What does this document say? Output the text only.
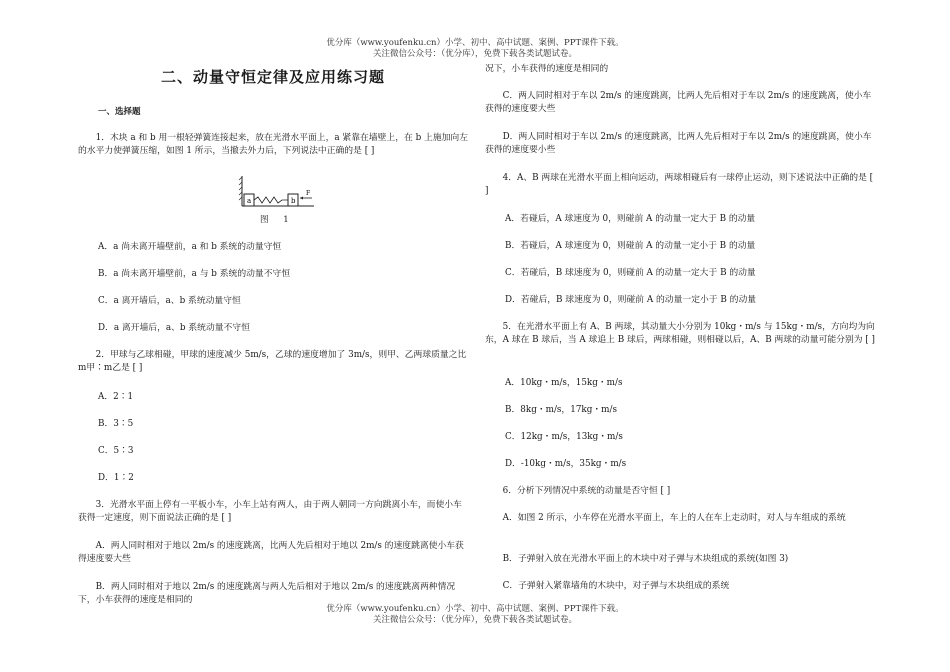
优分库（www.youfenku.cn）小学、初中、高中试题、案例、PPT课件下载。
关注微信公众号：（优分库），免费下载各类试题试卷。
二、动量守恒定律及应用练习题
一、选择题

1．木块 a 和 b 用一根轻弹簧连接起来，放在光滑水平面上，a 紧靠在墙壁上，在 b 上施加向左的水平力使弹簧压缩，如图 1 所示，当撤去外力后，下列说法中正确的是 [ ]

a	b
F
图 1

A．a 尚未离开墙壁前，a 和 b 系统的动量守恒

B．a 尚未离开墙壁前，a 与 b 系统的动量不守恒

C．a 离开墙后，a、b 系统动量守恒

D．a 离开墙后，a、b 系统动量不守恒

2．甲球与乙球相碰，甲球的速度减少 5m/s，乙球的速度增加了 3m/s，则甲、乙两球质量之比 m甲∶m乙是 [ ]

A．2∶1

B．3∶5

C．5∶3

D．1∶2

3．光滑水平面上停有一平板小车，小车上站有两人，由于两人朝同一方向跳离小车，而使小车获得一定速度，则下面说法正确的是 [ ]

A．两人同时相对于地以 2m/s 的速度跳离，比两人先后相对于地以 2m/s 的速度跳离使小车获得速度要大些

B．两人同时相对于地以 2m/s 的速度跳离与两人先后相对于地以 2m/s 的速度跳离两种情况下，小车获得的速度是相同的

况下，小车获得的速度是相同的

C．两人同时相对于车以 2m/s 的速度跳离，比两人先后相对于车以 2m/s 的速度跳离，使小车获得的速度要大些

D．两人同时相对于车以 2m/s 的速度跳离，比两人先后相对于车以 2m/s 的速度跳离，使小车获得的速度要小些

4．A、B 两球在光滑水平面上相向运动，两球相碰后有一球停止运动，则下述说法中正确的是 [ ]

A．若碰后，A 球速度为 0，则碰前 A 的动量一定大于 B 的动量

B．若碰后，A 球速度为 0，则碰前 A 的动量一定小于 B 的动量

C．若碰后，B 球速度为 0，则碰前 A 的动量一定大于 B 的动量

D．若碰后，B 球速度为 0，则碰前 A 的动量一定小于 B 的动量

5．在光滑水平面上有 A、B 两球，其动量大小分别为 10kg・m/s 与 15kg・m/s，方向均为向东，A 球在 B 球后，当 A 球追上 B 球后，两球相碰，则相碰以后，A、B 两球的动量可能分别为 [ ]

A．10kg・m/s，15kg・m/s

B．8kg・m/s，17kg・m/s

C．12kg・m/s，13kg・m/s

D．-10kg・m/s，35kg・m/s

6．分析下列情况中系统的动量是否守恒 [ ]

A．如图 2 所示，小车停在光滑水平面上，车上的人在车上走动时，对人与车组成的系统

B．子弹射入放在光滑水平面上的木块中对子弹与木块组成的系统(如图 3)

C．子弹射入紧靠墙角的木块中，对子弹与木块组成的系统

优分库（www.youfenku.cn）小学、初中、高中试题、案例、PPT课件下载。
关注微信公众号：（优分库），免费下载各类试题试卷。
